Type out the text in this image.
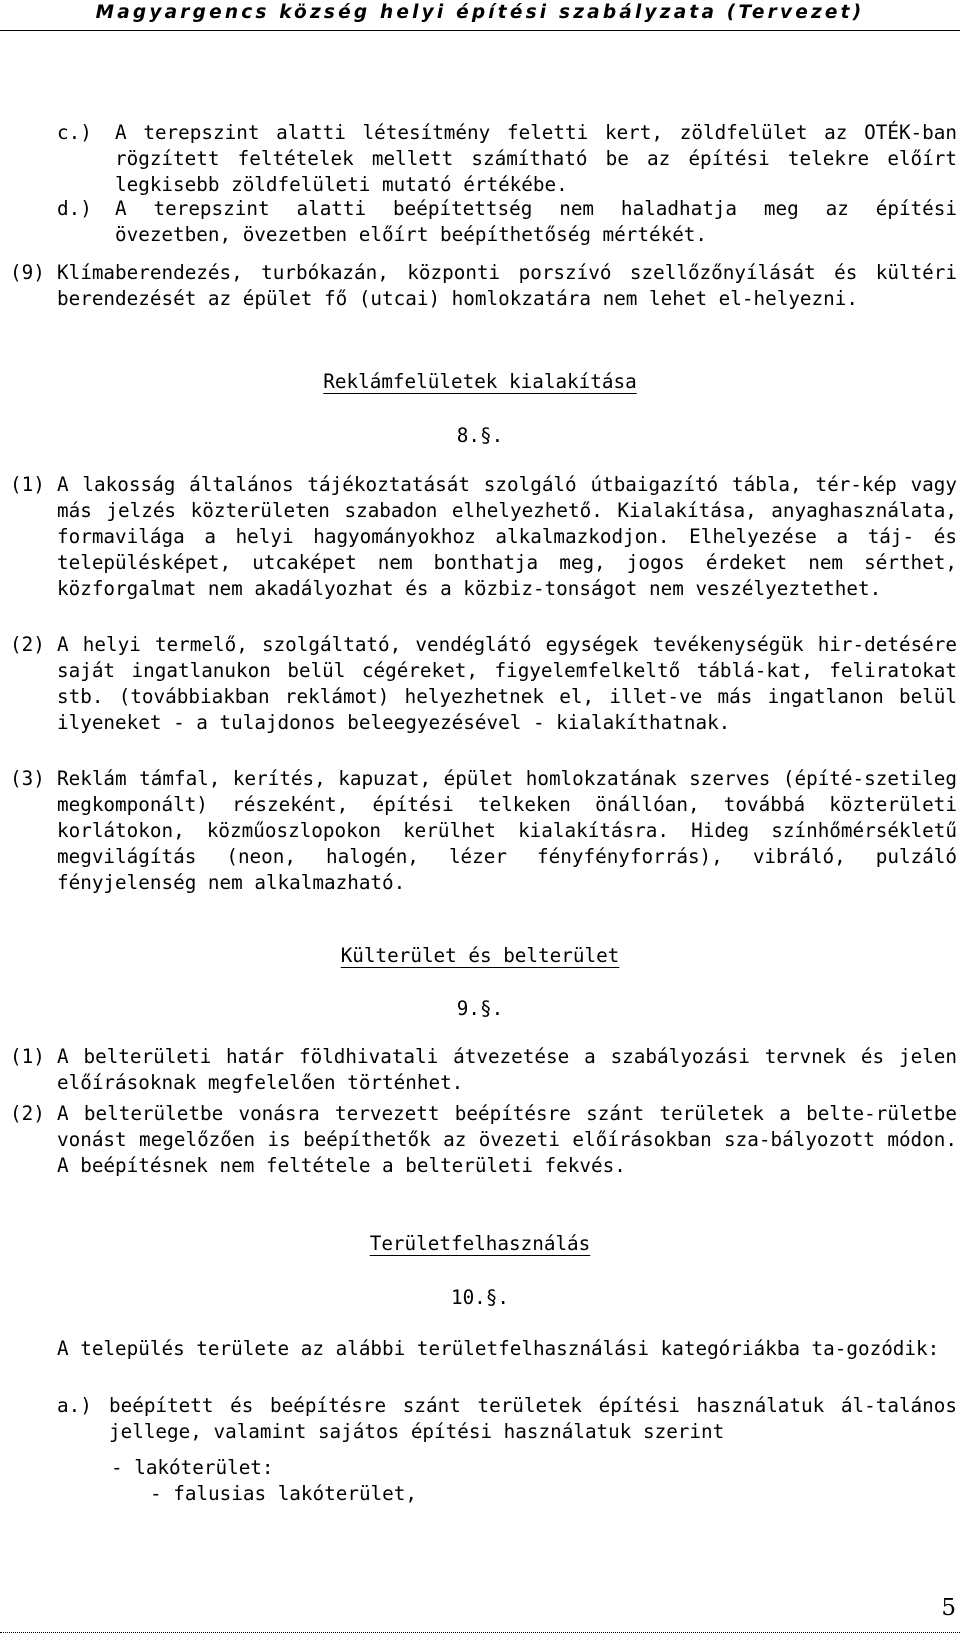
Magyargencs község helyi építési szabályzata (Tervezet)
c.) A terepszint alatti létesítmény feletti kert, zöldfelület az OTÉK-ban rögzített feltételek mellett számítható be az építési telekre előírt legkisebb zöldfelületi mutató értékébe.
d.) A terepszint alatti beépítettség nem haladhatja meg az építési övezetben, övezetben előírt beépíthetőség mértékét.
(9) Klímaberendezés, turbókazán, központi porszívó szellőzőnyílását és kültéri berendezését az épület fő (utcai) homlokzatára nem lehet el-helyezni.
Reklámfelületek kialakítása
8.§.
(1) A lakosság általános tájékoztatását szolgáló útbaigazító tábla, tér-kép vagy más jelzés közterületen szabadon elhelyezhető. Kialakítása, anyaghasználata, formavilága a helyi hagyományokhoz alkalmazkodjon. Elhelyezése a táj- és településképet, utcaképet nem bonthatja meg, jogos érdeket nem sérthet, közforgalmat nem akadályozhat és a közbiz-tonságot nem veszélyeztethet.
(2) A helyi termelő, szolgáltató, vendéglátó egységek tevékenységük hir-detésére saját ingatlanukon belül cégéreket, figyelemfelkeltő táblá-kat, feliratokat stb. (továbbiakban reklámot) helyezhetnek el, illet-ve más ingatlanon belül ilyeneket - a tulajdonos beleegyezésével - kialakíthatnak.
(3) Reklám támfal, kerítés, kapuzat, épület homlokzatának szerves (építé-szetileg megkomponált) részeként, építési telkeken önállóan, továbbá közterületi korlátokon, közműoszlopokon kerülhet kialakításra. Hideg színhőmérsékletű megvilágítás (neon, halogén, lézer fényfényforrás), vibráló, pulzáló fényjelenség nem alkalmazható.
Külterület és belterület
9.§.
(1) A belterületi határ földhivatali átvezetése a szabályozási tervnek és jelen előírásoknak megfelelően történhet.
(2) A belterületbe vonásra tervezett beépítésre szánt területek a belte-rületbe vonást megelőzően is beépíthetők az övezeti előírásokban sza-bályozott módon. A beépítésnek nem feltétele a belterületi fekvés.
Területfelhasználás
10.§.
A település területe az alábbi területfelhasználási kategóriákba ta-gozódik:
a.) beépített és beépítésre szánt területek építési használatuk ál-talános jellege, valamint sajátos építési használatuk szerint
- lakóterület:
- falusias lakóterület,
5
